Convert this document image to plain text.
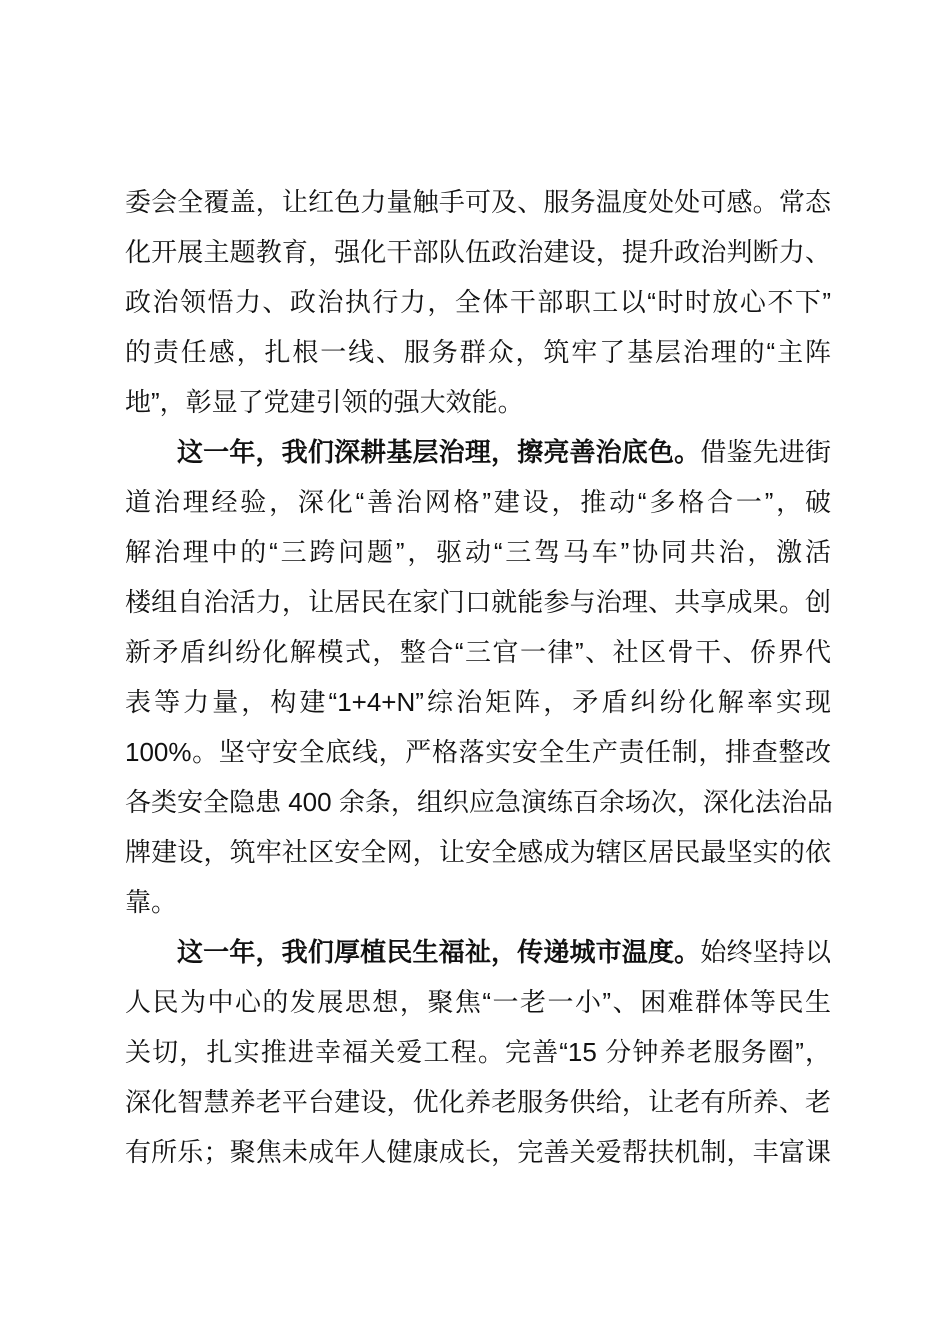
委会全覆盖，让红色力量触手可及、服务温度处处可感。常态
化开展主题教育，强化干部队伍政治建设，提升政治判断力、
政治领悟力、政治执行力，全体干部职工以“时时放心不下”
的责任感，扎根一线、服务群众，筑牢了基层治理的“主阵
地”，彰显了党建引领的强大效能。
这一年，我们深耕基层治理，擦亮善治底色。借鉴先进街
道治理经验，深化“善治网格”建设，推动“多格合一”，破
解治理中的“三跨问题”，驱动“三驾马车”协同共治，激活
楼组自治活力，让居民在家门口就能参与治理、共享成果。创
新矛盾纠纷化解模式，整合“三官一律”、社区骨干、侨界代
表等力量，构建“1+4+N”综治矩阵，矛盾纠纷化解率实现
100%。坚守安全底线，严格落实安全生产责任制，排查整改
各类安全隐患 400 余条，组织应急演练百余场次，深化法治品
牌建设，筑牢社区安全网，让安全感成为辖区居民最坚实的依
靠。
这一年，我们厚植民生福祉，传递城市温度。始终坚持以
人民为中心的发展思想，聚焦“一老一小”、困难群体等民生
关切，扎实推进幸福关爱工程。完善“15 分钟养老服务圈”，
深化智慧养老平台建设，优化养老服务供给，让老有所养、老
有所乐；聚焦未成年人健康成长，完善关爱帮扶机制，丰富课
